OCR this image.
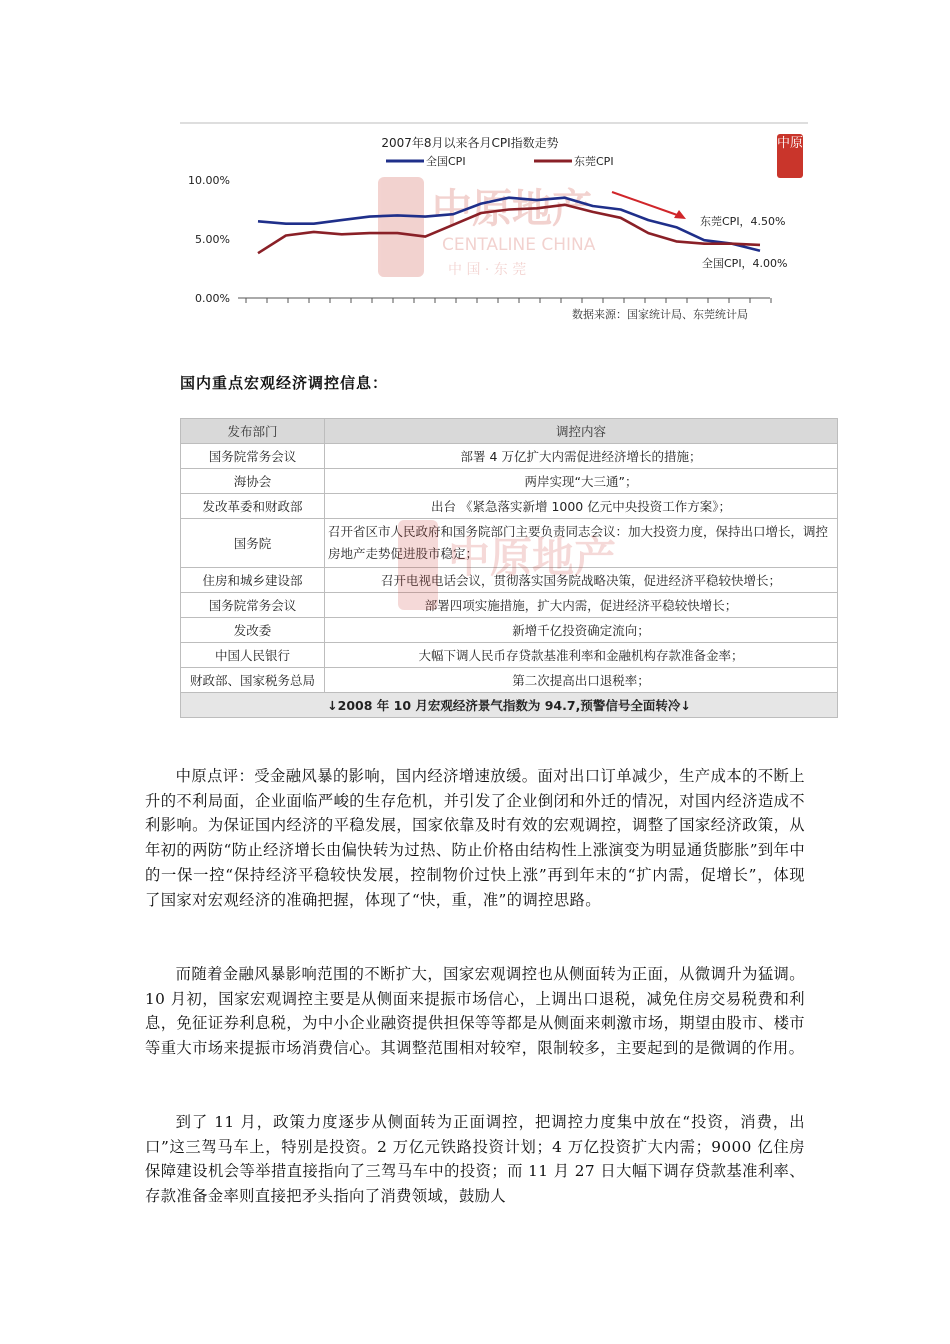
中原地产
CENTALINE CHINA
中 国 · 东 莞
2007年8月以来各月CPI指数走势
全国CPI	东莞CPI
10.00%
5.00%
0.00%
东莞CPI，4.50%
全国CPI，4.00%
数据来源：国家统计局、东莞统计局
中原
国内重点宏观经济调控信息：
发布部门	调控内容
国务院常务会议	部署 4 万亿扩大内需促进经济增长的措施；
海协会	两岸实现“大三通”；
发改革委和财政部	出台 《紧急落实新增 1000 亿元中央投资工作方案》；
国务院	召开省区市人民政府和国务院部门主要负责同志会议：加大投资力度，保持出口增长，调控房地产走势促进股市稳定；
住房和城乡建设部	召开电视电话会议，贯彻落实国务院战略决策，促进经济平稳较快增长；
国务院常务会议	部署四项实施措施，扩大内需，促进经济平稳较快增长；
发改委	新增千亿投资确定流向；
中国人民银行	大幅下调人民币存贷款基准利率和金融机构存款准备金率；
财政部、国家税务总局	第二次提高出口退税率；
↓2008 年 10 月宏观经济景气指数为 94.7,预警信号全面转冷↓	
中原地产

中原点评：受金融风暴的影响，国内经济增速放缓。面对出口订单减少，生产成本的不断上升的不利局面，企业面临严峻的生存危机，并引发了企业倒闭和外迁的情况，对国内经济造成不利影响。为保证国内经济的平稳发展，国家依靠及时有效的宏观调控，调整了国家经济政策，从年初的两防“防止经济增长由偏快转为过热、防止价格由结构性上涨演变为明显通货膨胀”到年中的一保一控“保持经济平稳较快发展，控制物价过快上涨”再到年末的“扩内需，促增长”，体现了国家对宏观经济的准确把握，体现了“快，重，准”的调控思路。

而随着金融风暴影响范围的不断扩大，国家宏观调控也从侧面转为正面，从微调升为猛调。10 月初，国家宏观调控主要是从侧面来提振市场信心，上调出口退税，减免住房交易税费和利息，免征证券利息税，为中小企业融资提供担保等等都是从侧面来刺激市场，期望由股市、楼市等重大市场来提振市场消费信心。其调整范围相对较窄，限制较多，主要起到的是微调的作用。

到了 11 月，政策力度逐步从侧面转为正面调控，把调控力度集中放在“投资，消费，出口”这三驾马车上，特别是投资。2 万亿元铁路投资计划；4 万亿投资扩大内需；9000 亿住房保障建设机会等举措直接指向了三驾马车中的投资；而 11 月 27 日大幅下调存贷款基准利率、存款准备金率则直接把矛头指向了消费领域，鼓励人
